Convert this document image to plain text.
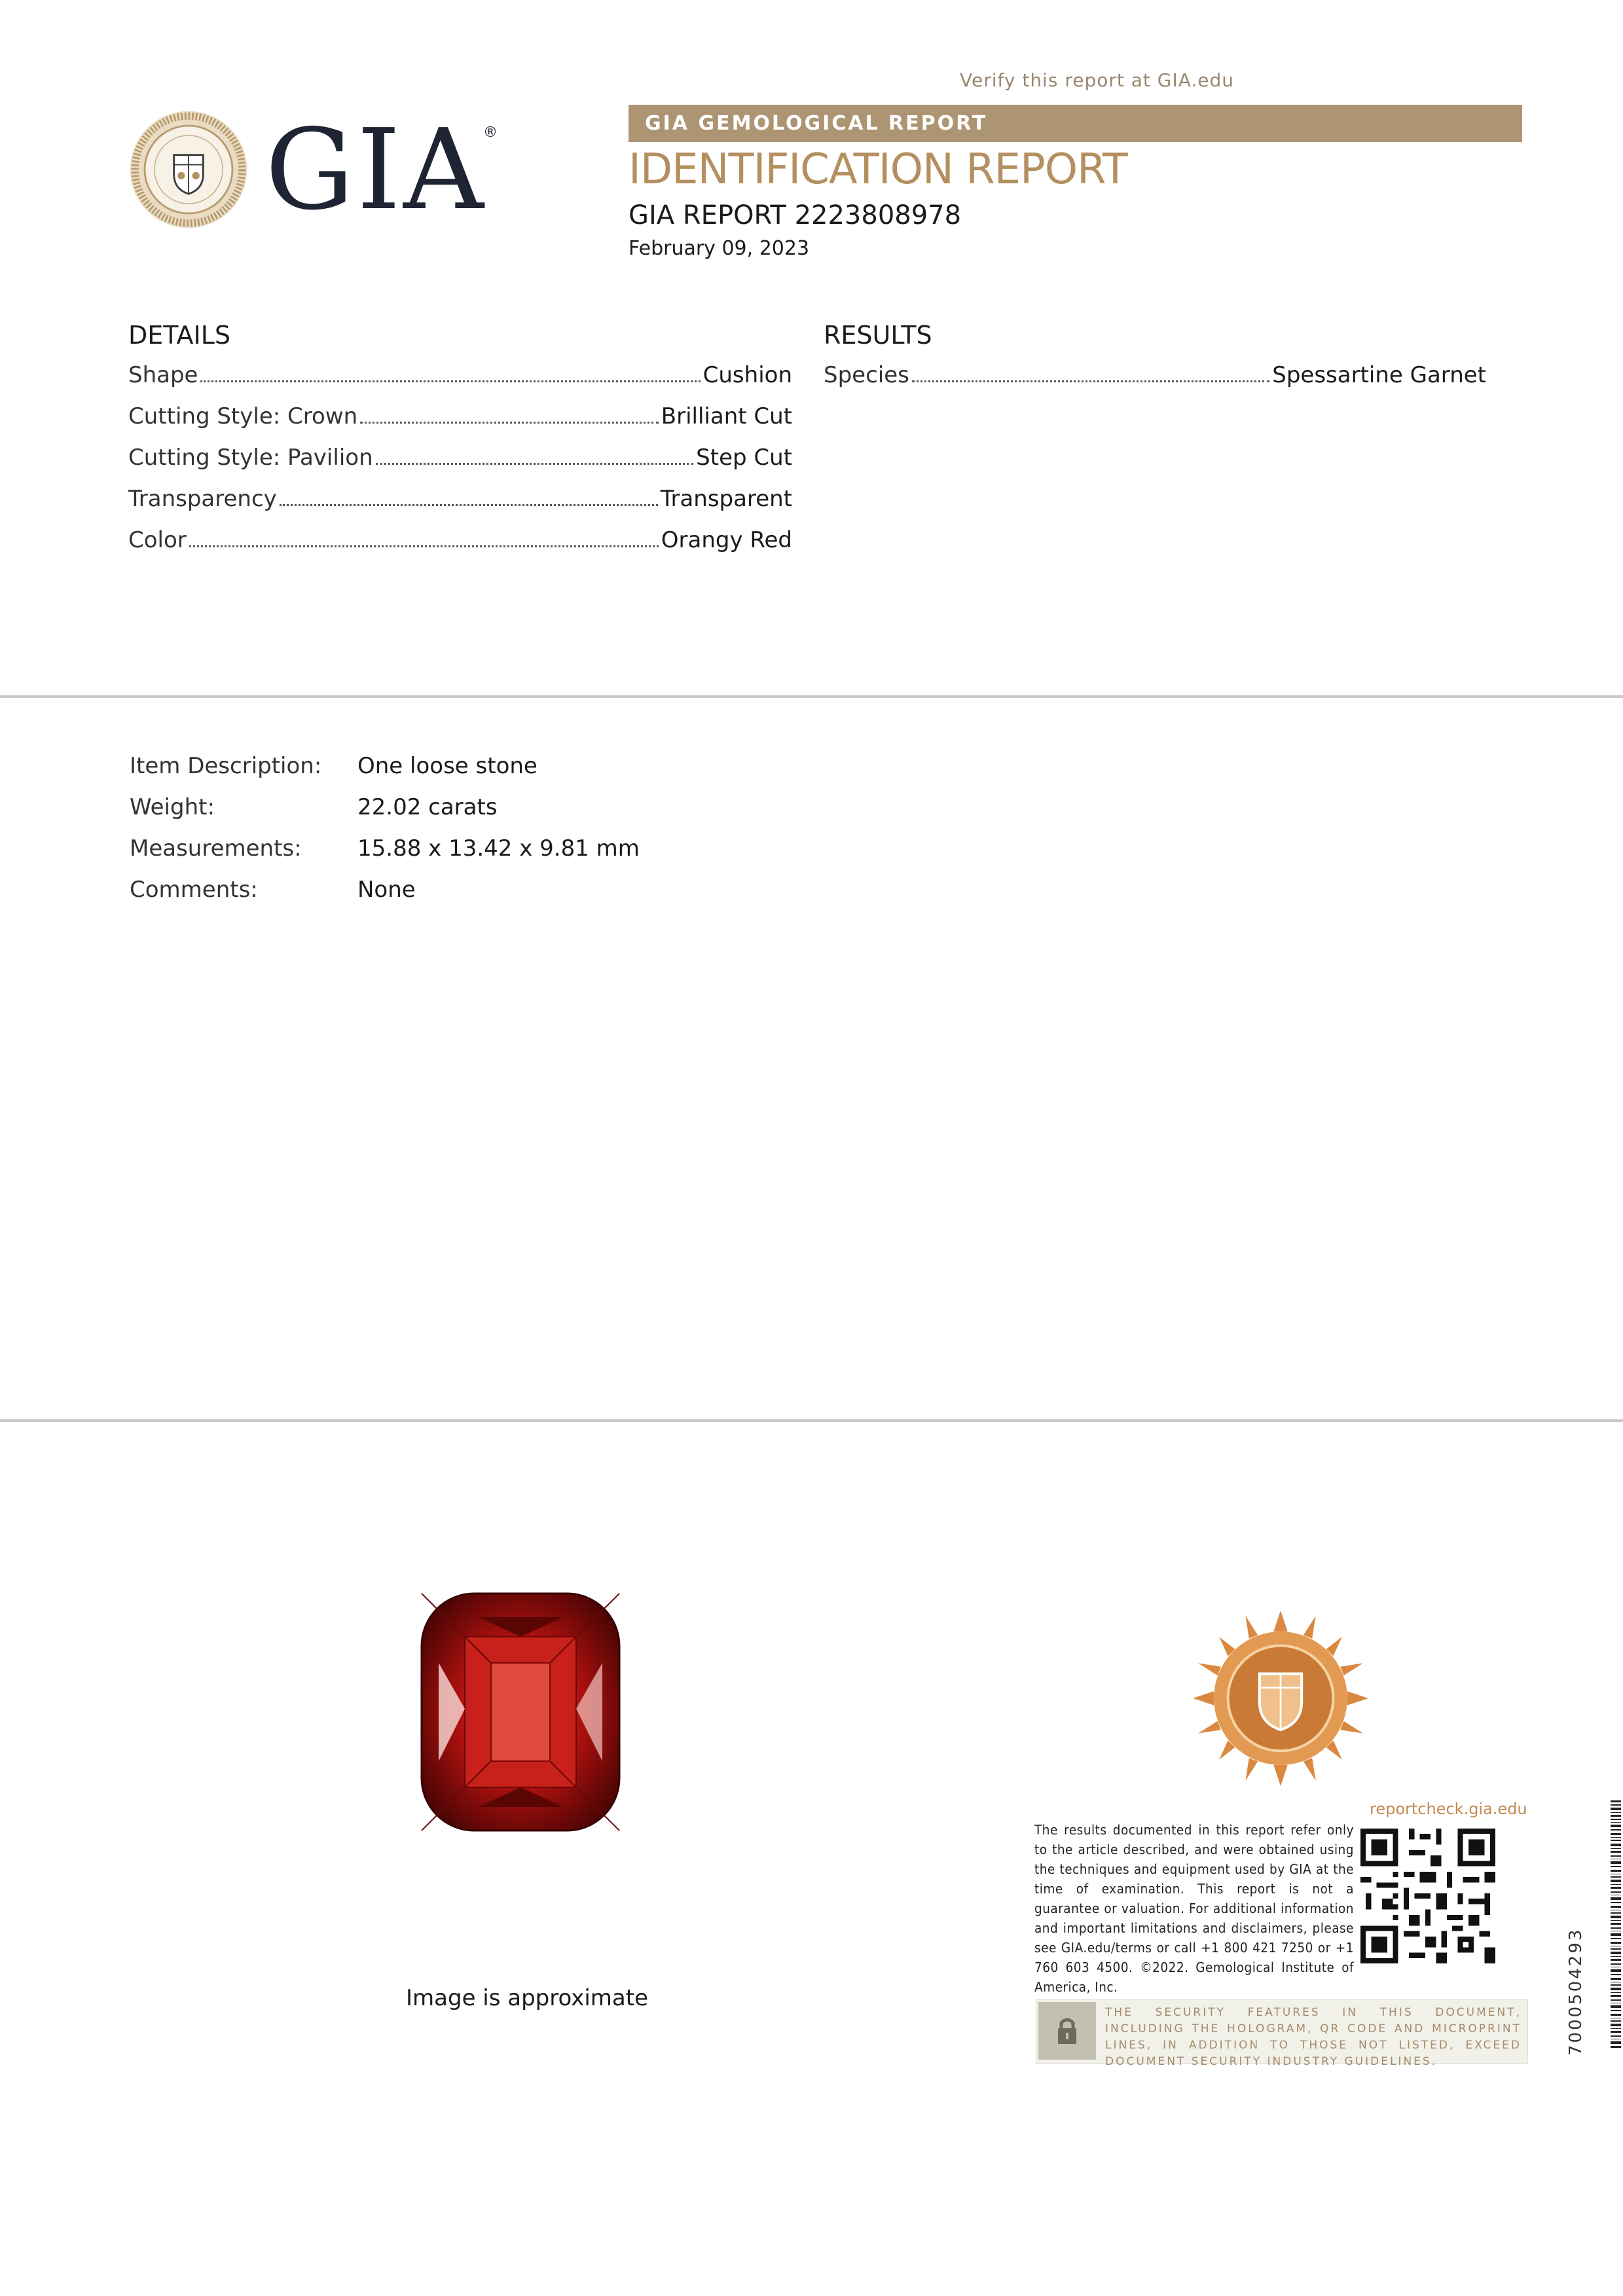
Verify this report at GIA.edu
GIA
®	GIA GEMOLOGICAL REPORT
IDENTIFICATION REPORT
GIA REPORT 2223808978
February 09, 2023
DETAILS
Shape	Cushion
Cutting Style: Crown	Brilliant Cut
Cutting Style: Pavilion	Step Cut
Transparency	Transparent
Color	Orangy Red
RESULTS
Species	Spessartine Garnet
Item Description:	One loose stone
Weight:	22.02 carats
Measurements:	15.88 x 13.42 x 9.81 mm
Comments:	None
Image is approximate
reportcheck.gia.edu
The results documented in this report refer only to the article described, and were obtained using the techniques and equipment used by GIA at the time of examination. This report is not a guarantee or valuation. For additional information and important limitations and disclaimers, please see GIA.edu/terms or call +1 800 421 7250 or +1 760 603 4500. ©2022. Gemological Institute of America, Inc.
THE SECURITY FEATURES IN THIS DOCUMENT, INCLUDING THE HOLOGRAM, QR CODE AND MICROPRINT LINES, IN ADDITION TO THOSE NOT LISTED, EXCEED DOCUMENT SECURITY INDUSTRY GUIDELINES.
7000504293
